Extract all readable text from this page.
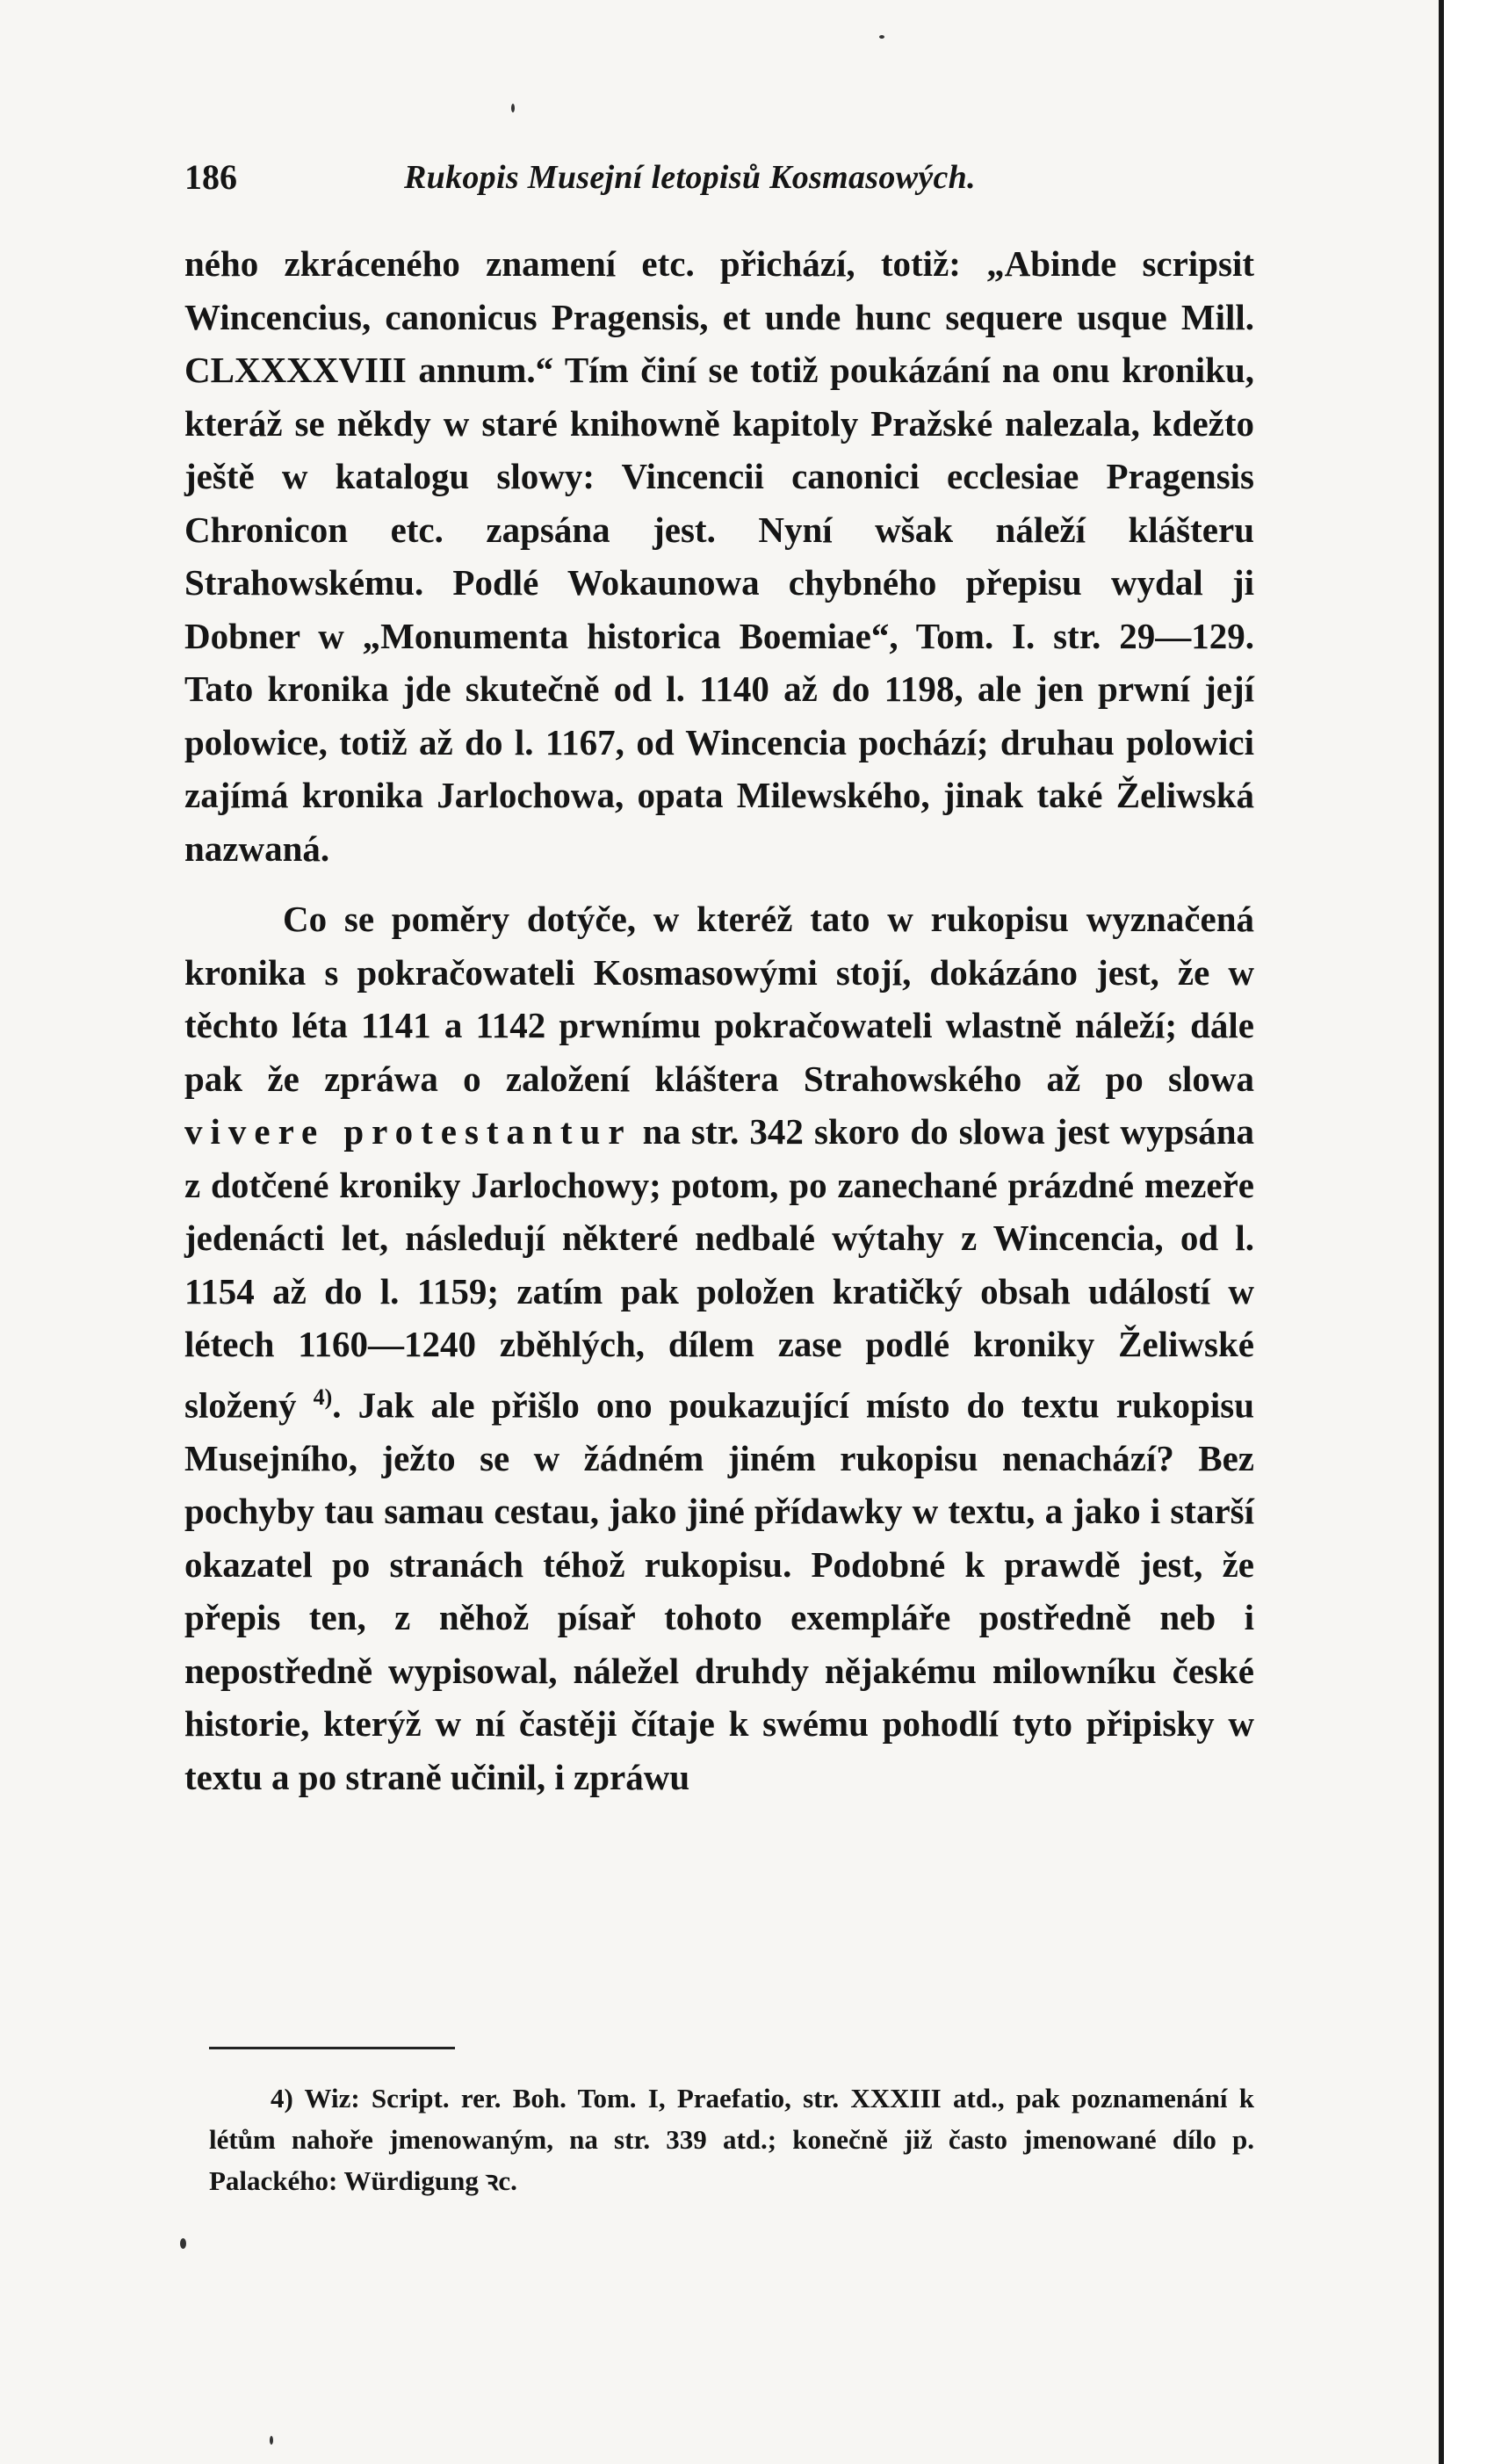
186	Rukopis Musejní letopisů Kosmasowých.

ného zkráceného znamení etc. přichází, totiž: „Abinde scripsit Wincencius, canonicus Pragensis, et unde hunc sequere usque Mill. CLXXXXVIII annum.“ Tím činí se totiž poukázání na onu kroniku, kteráž se někdy w staré knihowně kapitoly Pražské nalezala, kdežto ještě w katalogu slowy: Vincencii canonici ecclesiae Pragensis Chronicon etc. zapsána jest. Nyní wšak náleží klášteru Strahowskému. Podlé Wokaunowa chybného přepisu wydal ji Dobner w „Monumenta historica Boemiae“, Tom. I. str. 29—129. Tato kronika jde skutečně od l. 1140 až do 1198, ale jen prwní její polowice, totiž až do l. 1167, od Wincencia pochází; druhau polowici zajímá kronika Jarlochowa, opata Milewského, jinak také Želiwská nazwaná.

Co se poměry dotýče, w kteréž tato w rukopisu wyznačená kronika s pokračowateli Kosmasowými stojí, dokázáno jest, že w těchto léta 1141 a 1142 prwnímu pokračowateli wlastně náleží; dále pak že zpráwa o založení kláštera Strahowského až po slowa vivere protestantur na str. 342 skoro do slowa jest wypsána z dotčené kroniky Jarlochowy; potom, po zanechané prázdné mezeře jedenácti let, následují některé nedbalé wýtahy z Wincencia, od l. 1154 až do l. 1159; zatím pak položen kratičký obsah událostí w létech 1160—1240 zběhlých, dílem zase podlé kroniky Želiwské složený $^{4)}$. Jak ale přišlo ono poukazující místo do textu rukopisu Musejního, ježto se w žádném jiném rukopisu nenachází? Bez pochyby tau samau cestau, jako jiné přídawky w textu, a jako i starší okazatel po stranách téhož rukopisu. Podobné k prawdě jest, že přepis ten, z něhož písař tohoto exempláře postředně neb i nepostředně wypisowal, náležel druhdy nějakému milowníku české historie, kterýž w ní častěji čítaje k swému pohodlí tyto připisky w textu a po straně učinil, i zpráwu

4) Wiz: Script. rer. Boh. Tom. I, Praefatio, str. XXXIII atd., pak poznamenání k létům nahoře jmenowaným, na str. 339 atd.; konečně již často jmenowané dílo p. Palackého: Würdigung ꝛc.
